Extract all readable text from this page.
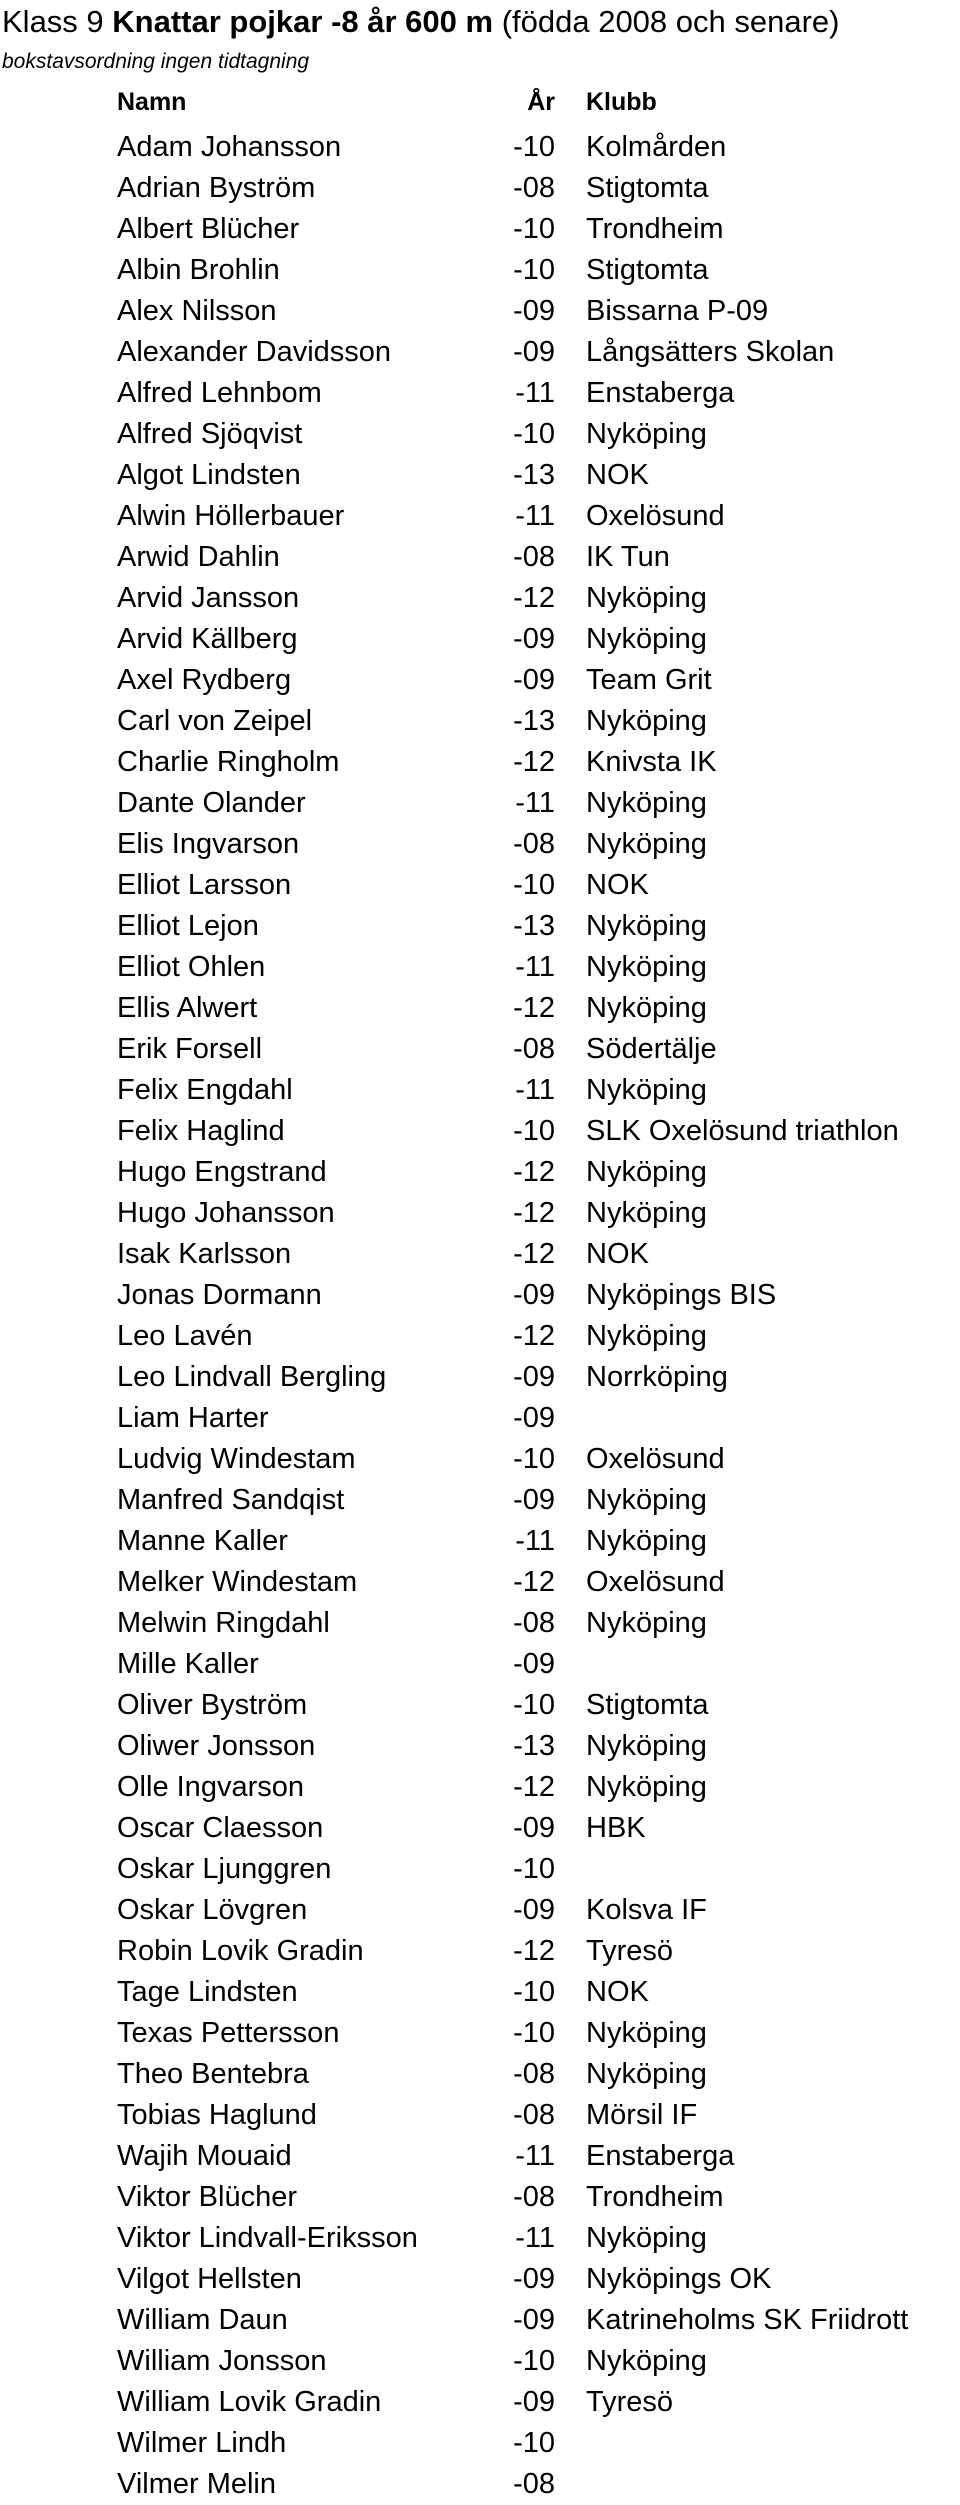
Klass 9 Knattar pojkar -8 år 600 m (födda 2008 och senare)
bokstavsordning ingen tidtagning
Namn	År Klubb
Adam Johansson	-10 Kolmården
Adrian Byström	-08 Stigtomta
Albert Blücher	-10 Trondheim
Albin Brohlin	-10 Stigtomta
Alex Nilsson	-09 Bissarna P-09
Alexander Davidsson	-09 Långsätters Skolan
Alfred Lehnbom	-11 Enstaberga
Alfred Sjöqvist	-10 Nyköping
Algot Lindsten	-13 NOK
Alwin Höllerbauer	-11 Oxelösund
Arwid Dahlin	-08 IK Tun
Arvid Jansson	-12 Nyköping
Arvid Källberg	-09 Nyköping
Axel Rydberg	-09 Team Grit
Carl von Zeipel	-13 Nyköping
Charlie Ringholm	-12 Knivsta IK
Dante Olander	-11 Nyköping
Elis Ingvarson	-08 Nyköping
Elliot Larsson	-10 NOK
Elliot Lejon	-13 Nyköping
Elliot Ohlen	-11 Nyköping
Ellis Alwert	-12 Nyköping
Erik Forsell	-08 Södertälje
Felix Engdahl	-11 Nyköping
Felix Haglind	-10 SLK Oxelösund triathlon
Hugo Engstrand	-12 Nyköping
Hugo Johansson	-12 Nyköping
Isak Karlsson	-12 NOK
Jonas Dormann	-09 Nyköpings BIS
Leo Lavén	-12 Nyköping
Leo Lindvall Bergling	-09 Norrköping
Liam Harter	-09
Ludvig Windestam	-10 Oxelösund
Manfred Sandqist	-09 Nyköping
Manne Kaller	-11 Nyköping
Melker Windestam	-12 Oxelösund
Melwin Ringdahl	-08 Nyköping
Mille Kaller	-09
Oliver Byström	-10 Stigtomta
Oliwer Jonsson	-13 Nyköping
Olle Ingvarson	-12 Nyköping
Oscar Claesson	-09 HBK
Oskar Ljunggren	-10
Oskar Lövgren	-09 Kolsva IF
Robin Lovik Gradin	-12 Tyresö
Tage Lindsten	-10 NOK
Texas Pettersson	-10 Nyköping
Theo Bentebra	-08 Nyköping
Tobias Haglund	-08 Mörsil IF
Wajih Mouaid	-11 Enstaberga
Viktor Blücher	-08 Trondheim
Viktor Lindvall-Eriksson	-11 Nyköping
Vilgot Hellsten	-09 Nyköpings OK
William Daun	-09 Katrineholms SK Friidrott
William Jonsson	-10 Nyköping
William Lovik Gradin	-09 Tyresö
Wilmer Lindh	-10
Vilmer Melin	-08
